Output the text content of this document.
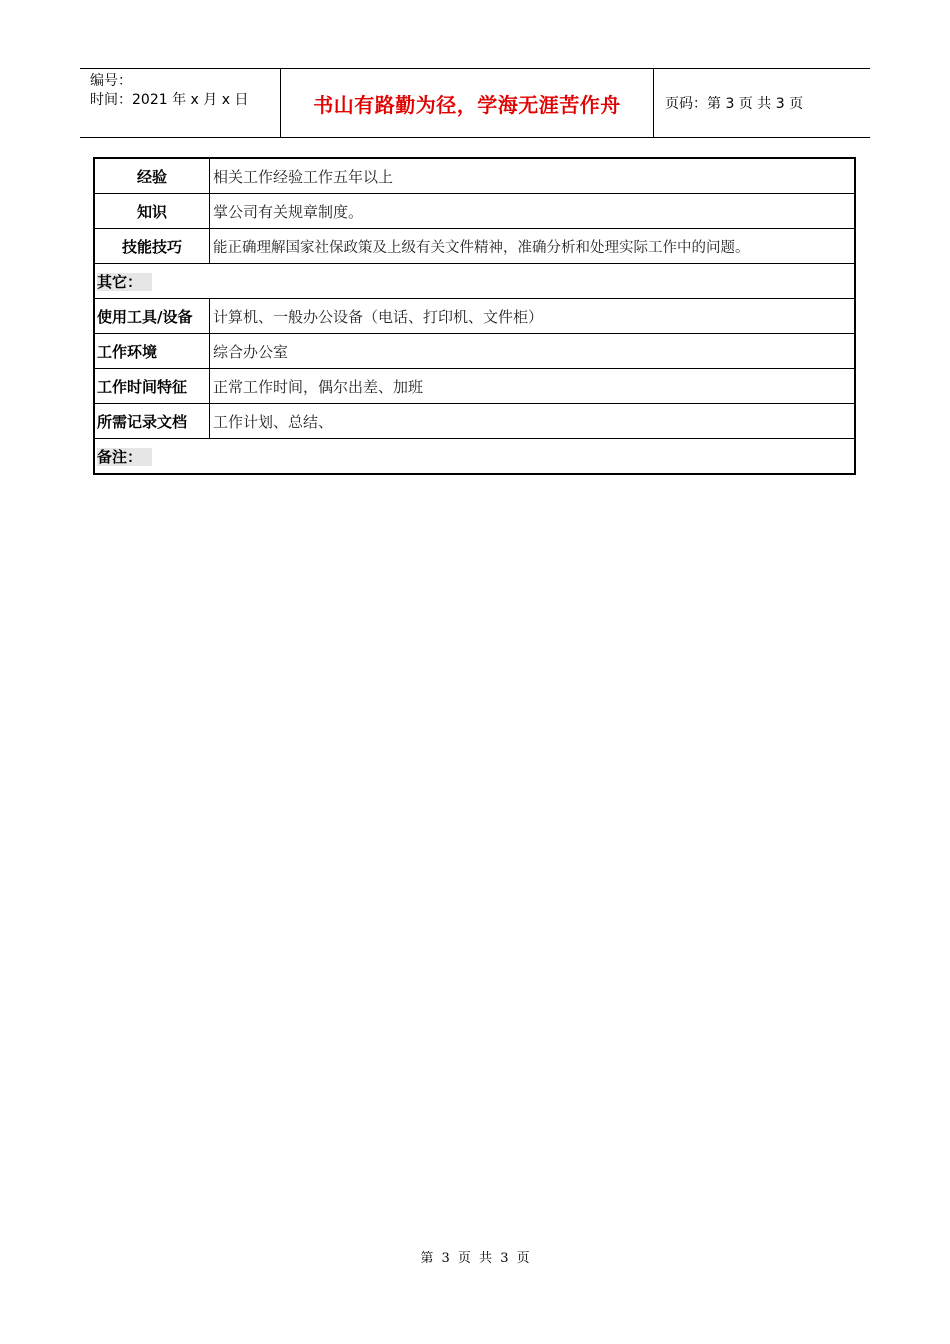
编号：
时间：2021 年 x 月 x 日	书山有路勤为径，学海无涯苦作舟	页码：第 3 页 共 3 页
经验	相关工作经验工作五年以上
知识	掌公司有关规章制度。
技能技巧	能正确理解国家社保政策及上级有关文件精神，准确分析和处理实际工作中的问题。
其它：	
使用工具/设备	计算机、一般办公设备（电话、打印机、文件柜）
工作环境	综合办公室
工作时间特征	正常工作时间，偶尔出差、加班
所需记录文档	工作计划、总结、
备注：	
第 3 页 共 3 页
